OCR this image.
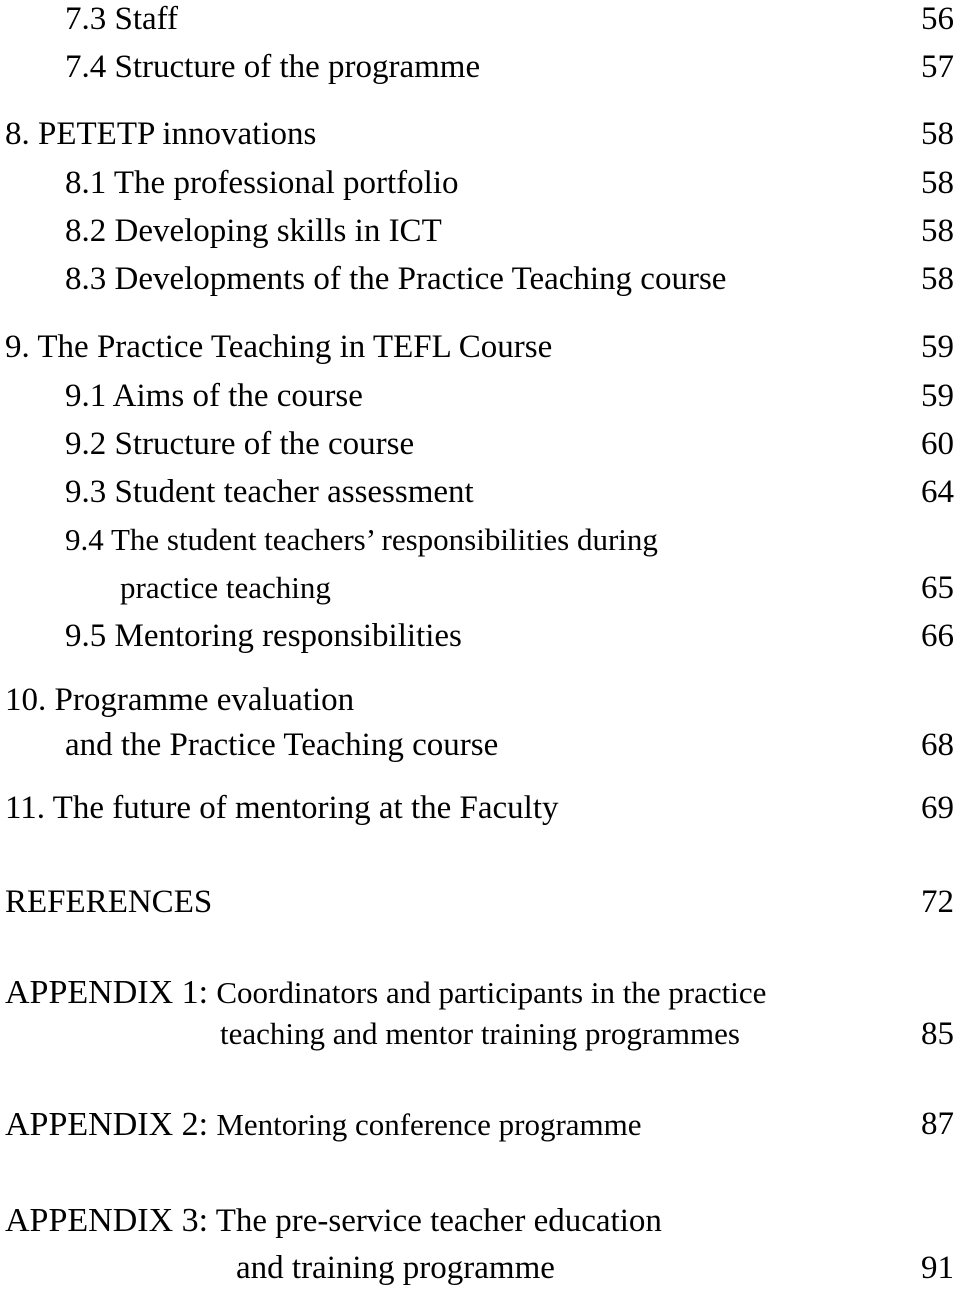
7.3 Staff	56
7.4 Structure of the programme	57
8. PETETP innovations	58
8.1 The professional portfolio	58
8.2 Developing skills in ICT	58
8.3 Developments of the Practice Teaching course	58
9. The Practice Teaching in TEFL Course	59
9.1 Aims of the course	59
9.2 Structure of the course	60
9.3 Student teacher assessment	64
9.4 The student teachers’ responsibilities during
practice teaching	65
9.5 Mentoring responsibilities	66
10. Programme evaluation
and the Practice Teaching course	68
11. The future of mentoring at the Faculty	69
REFERENCES	72
APPENDIX 1: Coordinators and participants in the practice
teaching and mentor training programmes	85
APPENDIX 2: Mentoring conference programme	87
APPENDIX 3: The pre-service teacher education
and training programme	91
